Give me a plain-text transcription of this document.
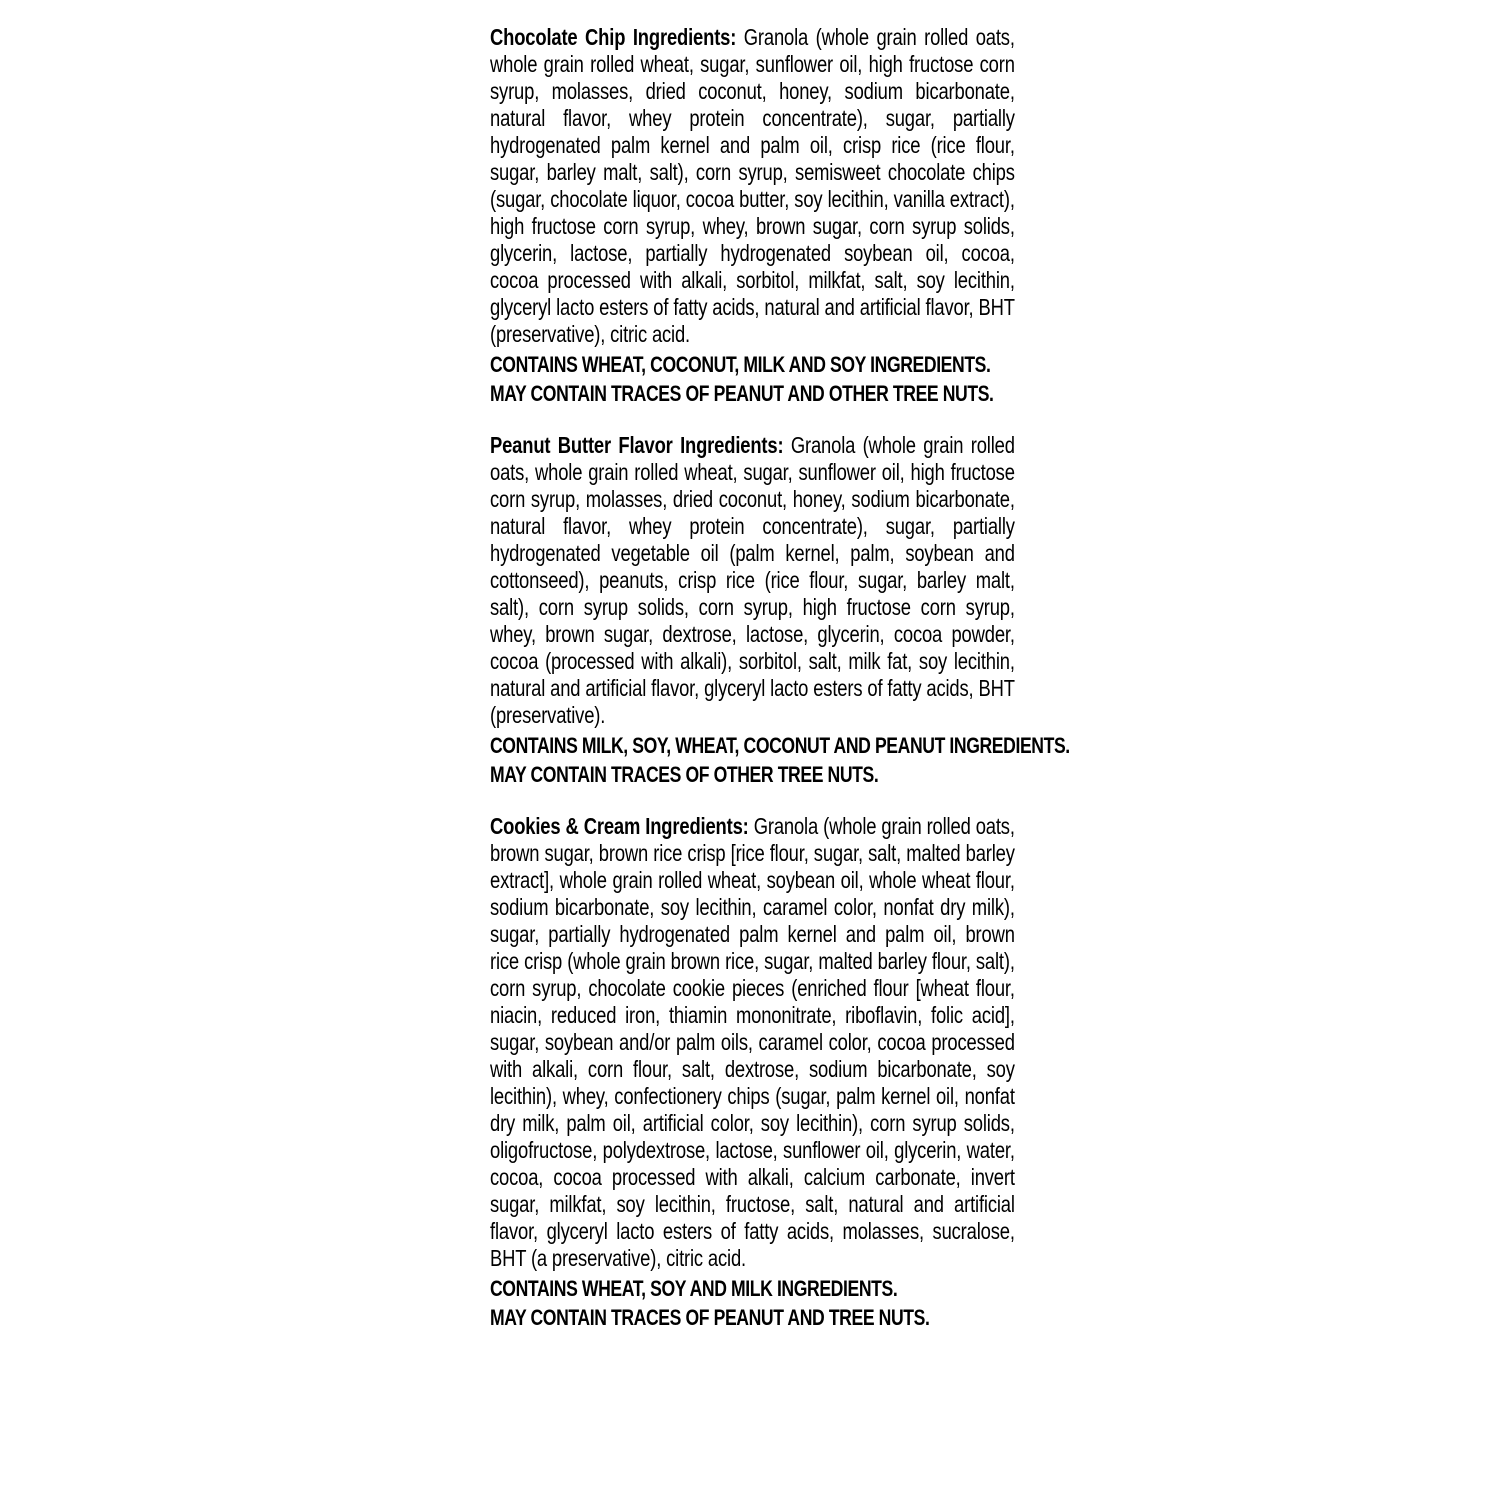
Chocolate Chip Ingredients: Granola (whole grain rolled oats, whole grain rolled wheat, sugar, sunflower oil, high fructose corn syrup, molasses, dried coconut, honey, sodium bicarbonate, natural flavor, whey protein concentrate), sugar, partially hydrogenated palm kernel and palm oil, crisp rice (rice flour, sugar, barley malt, salt), corn syrup, semisweet chocolate chips (sugar, chocolate liquor, cocoa butter, soy lecithin, vanilla extract), high fructose corn syrup, whey, brown sugar, corn syrup solids, glycerin, lactose, partially hydrogenated soybean oil, cocoa, cocoa processed with alkali, sorbitol, milkfat, salt, soy lecithin, glyceryl lacto esters of fatty acids, natural and artificial flavor, BHT (preservative), citric acid.

CONTAINS WHEAT, COCONUT, MILK AND SOY INGREDIENTS.
MAY CONTAIN TRACES OF PEANUT AND OTHER TREE NUTS.

Peanut Butter Flavor Ingredients: Granola (whole grain rolled oats, whole grain rolled wheat, sugar, sunflower oil, high fructose corn syrup, molasses, dried coconut, honey, sodium bicarbonate, natural flavor, whey protein concentrate), sugar, partially hydrogenated vegetable oil (palm kernel, palm, soybean and cottonseed), peanuts, crisp rice (rice flour, sugar, barley malt, salt), corn syrup solids, corn syrup, high fructose corn syrup, whey, brown sugar, dextrose, lactose, glycerin, cocoa powder, cocoa (processed with alkali), sorbitol, salt, milk fat, soy lecithin, natural and artificial flavor, glyceryl lacto esters of fatty acids, BHT (preservative).

CONTAINS MILK, SOY, WHEAT, COCONUT AND PEANUT INGREDIENTS.
MAY CONTAIN TRACES OF OTHER TREE NUTS.

Cookies & Cream Ingredients: Granola (whole grain rolled oats, brown sugar, brown rice crisp [rice flour, sugar, salt, malted barley extract], whole grain rolled wheat, soybean oil, whole wheat flour, sodium bicarbonate, soy lecithin, caramel color, nonfat dry milk), sugar, partially hydrogenated palm kernel and palm oil, brown rice crisp (whole grain brown rice, sugar, malted barley flour, salt), corn syrup, chocolate cookie pieces (enriched flour [wheat flour, niacin, reduced iron, thiamin mononitrate, riboflavin, folic acid], sugar, soybean and/or palm oils, caramel color, cocoa processed with alkali, corn flour, salt, dextrose, sodium bicarbonate, soy lecithin), whey, confectionery chips (sugar, palm kernel oil, nonfat dry milk, palm oil, artificial color, soy lecithin), corn syrup solids, oligofructose, polydextrose, lactose, sunflower oil, glycerin, water, cocoa, cocoa processed with alkali, calcium carbonate, invert sugar, milkfat, soy lecithin, fructose, salt, natural and artificial flavor, glyceryl lacto esters of fatty acids, molasses, sucralose, BHT (a preservative), citric acid.

CONTAINS WHEAT, SOY AND MILK INGREDIENTS.
MAY CONTAIN TRACES OF PEANUT AND TREE NUTS.
